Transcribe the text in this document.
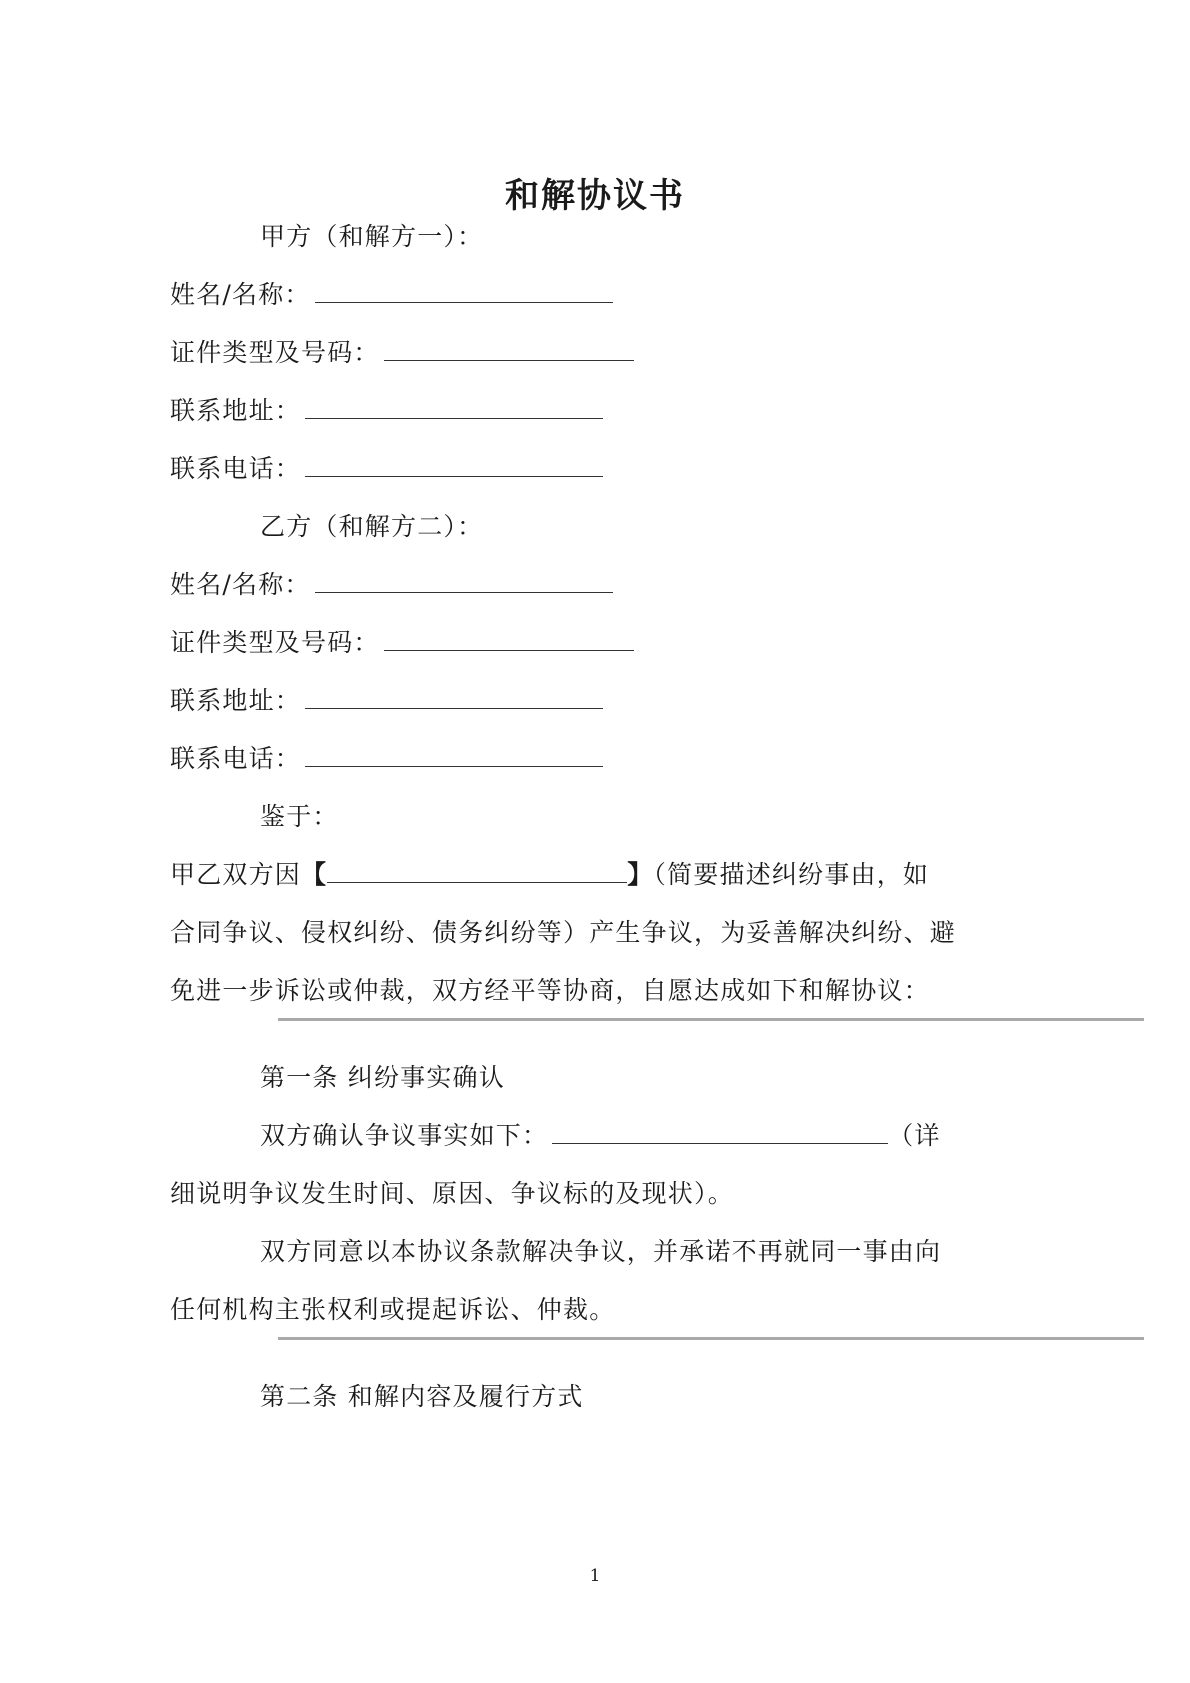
和解协议书
甲方（和解方一）：
姓名/名称：
证件类型及号码：
联系地址：
联系电话：
乙方（和解方二）：
姓名/名称：
证件类型及号码：
联系地址：
联系电话：
鉴于：
甲乙双方因【	】（简要描述纠纷事由，如
合同争议、侵权纠纷、债务纠纷等）产生争议，为妥善解决纠纷、避
免进一步诉讼或仲裁，双方经平等协商，自愿达成如下和解协议：
第一条 纠纷事实确认
双方确认争议事实如下：	（详
细说明争议发生时间、原因、争议标的及现状）。
双方同意以本协议条款解决争议，并承诺不再就同一事由向
任何机构主张权利或提起诉讼、仲裁。
第二条 和解内容及履行方式
1
